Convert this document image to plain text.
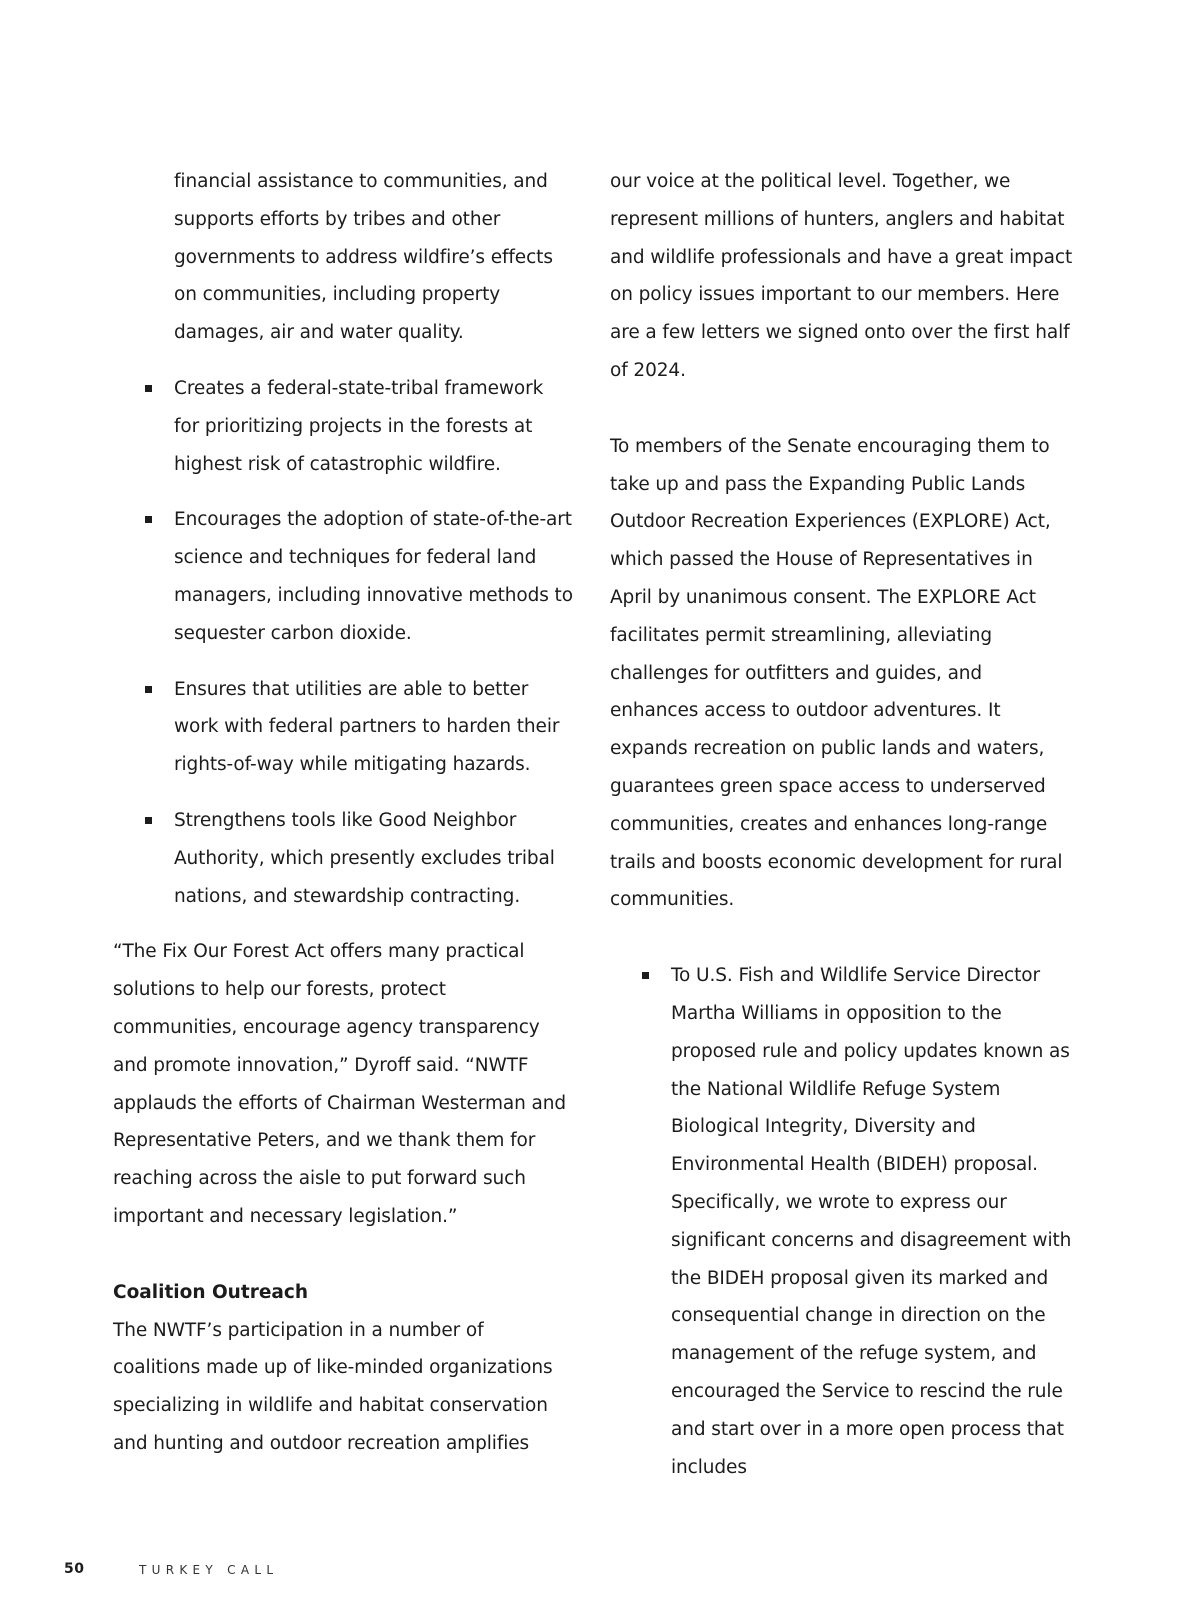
financial assistance to communities, and supports efforts by tribes and other governments to address wildfire’s effects on communities, including property damages, air and water quality.

Creates a federal-state-tribal framework for prioritizing projects in the forests at highest risk of catastrophic wildfire.
Encourages the adoption of state-of-the-art science and techniques for federal land managers, including innovative methods to sequester carbon dioxide.
Ensures that utilities are able to better work with federal partners to harden their rights-of-way while mitigating hazards.
Strengthens tools like Good Neighbor Authority, which presently excludes tribal nations, and stewardship contracting.

“The Fix Our Forest Act offers many practical solutions to help our forests, protect communities, encourage agency transparency and promote innovation,” Dyroff said. “NWTF applauds the efforts of Chairman Westerman and Representative Peters, and we thank them for reaching across the aisle to put forward such important and necessary legislation.”

Coalition Outreach

The NWTF’s participation in a number of coalitions made up of like-minded organizations specializing in wildlife and habitat conservation and hunting and outdoor recreation amplifies

our voice at the political level. Together, we represent millions of hunters, anglers and habitat and wildlife professionals and have a great impact on policy issues important to our members. Here are a few letters we signed onto over the first half of 2024.

To members of the Senate encouraging them to take up and pass the Expanding Public Lands Outdoor Recreation Experiences (EXPLORE) Act, which passed the House of Representatives in April by unanimous consent. The EXPLORE Act facilitates permit streamlining, alleviating challenges for outfitters and guides, and enhances access to outdoor adventures. It expands recreation on public lands and waters, guarantees green space access to underserved communities, creates and enhances long-range trails and boosts economic development for rural communities.

To U.S. Fish and Wildlife Service Director Martha Williams in opposition to the proposed rule and policy updates known as the National Wildlife Refuge System Biological Integrity, Diversity and Environmental Health (BIDEH) proposal. Specifically, we wrote to express our significant concerns and disagreement with the BIDEH proposal given its marked and consequential change in direction on the management of the refuge system, and encouraged the Service to rescind the rule and start over in a more open process that includes
50	TURKEY CALL
